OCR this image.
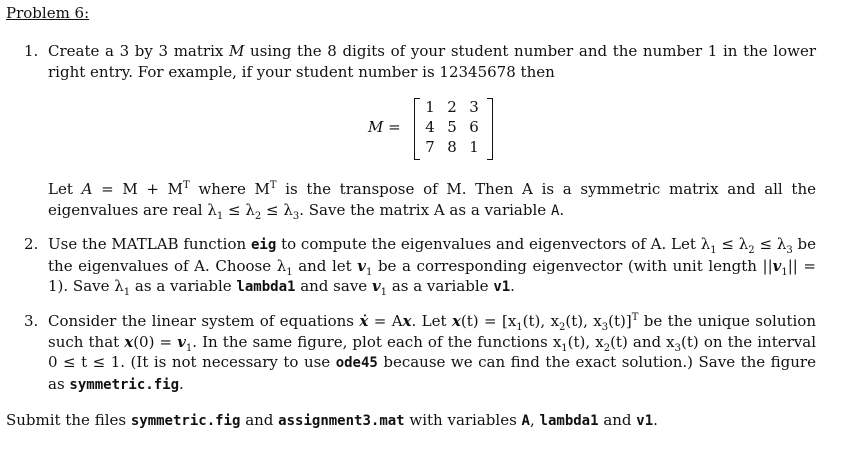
Problem 6:
1. Create a 3 by 3 matrix M using the 8 digits of your student number and the number 1 in the lower right entry. For example, if your student number is 12345678 then
M =
1 2 3
4 5 6
7 8 1
Let $A = M + M^T$ where $M^T$ is the transpose of M. Then A is a symmetric matrix and all the eigenvalues are real $\lambda_1 \le \lambda_2 \le \lambda_3$. Save the matrix A as a variable A.
2. Use the MATLAB function eig to compute the eigenvalues and eigenvectors of A. Let $\lambda_1 \le \lambda_2 \le \lambda_3$ be the eigenvalues of A. Choose $\lambda_1$ and let $v_1$ be a corresponding eigenvector (with unit length $||v_1|| = 1$). Save $\lambda_1$ as a variable lambda1 and save $v_1$ as a variable v1.
3. Consider the linear system of equations ẋ = Ax. Let $x(t) = [x_1(t)$, $x_2(t)$, $x_3(t)]^T$ be the unique solution such that $x(0) = v_1$. In the same figure, plot each of the functions $x_1(t)$, $x_2(t)$ and $x_3(t)$ on the interval 0 ≤ t ≤ 1. (It is not necessary to use ode45 because we can find the exact solution.) Save the figure as symmetric.fig.
Submit the files symmetric.fig and assignment3.mat with variables A, lambda1 and v1.
